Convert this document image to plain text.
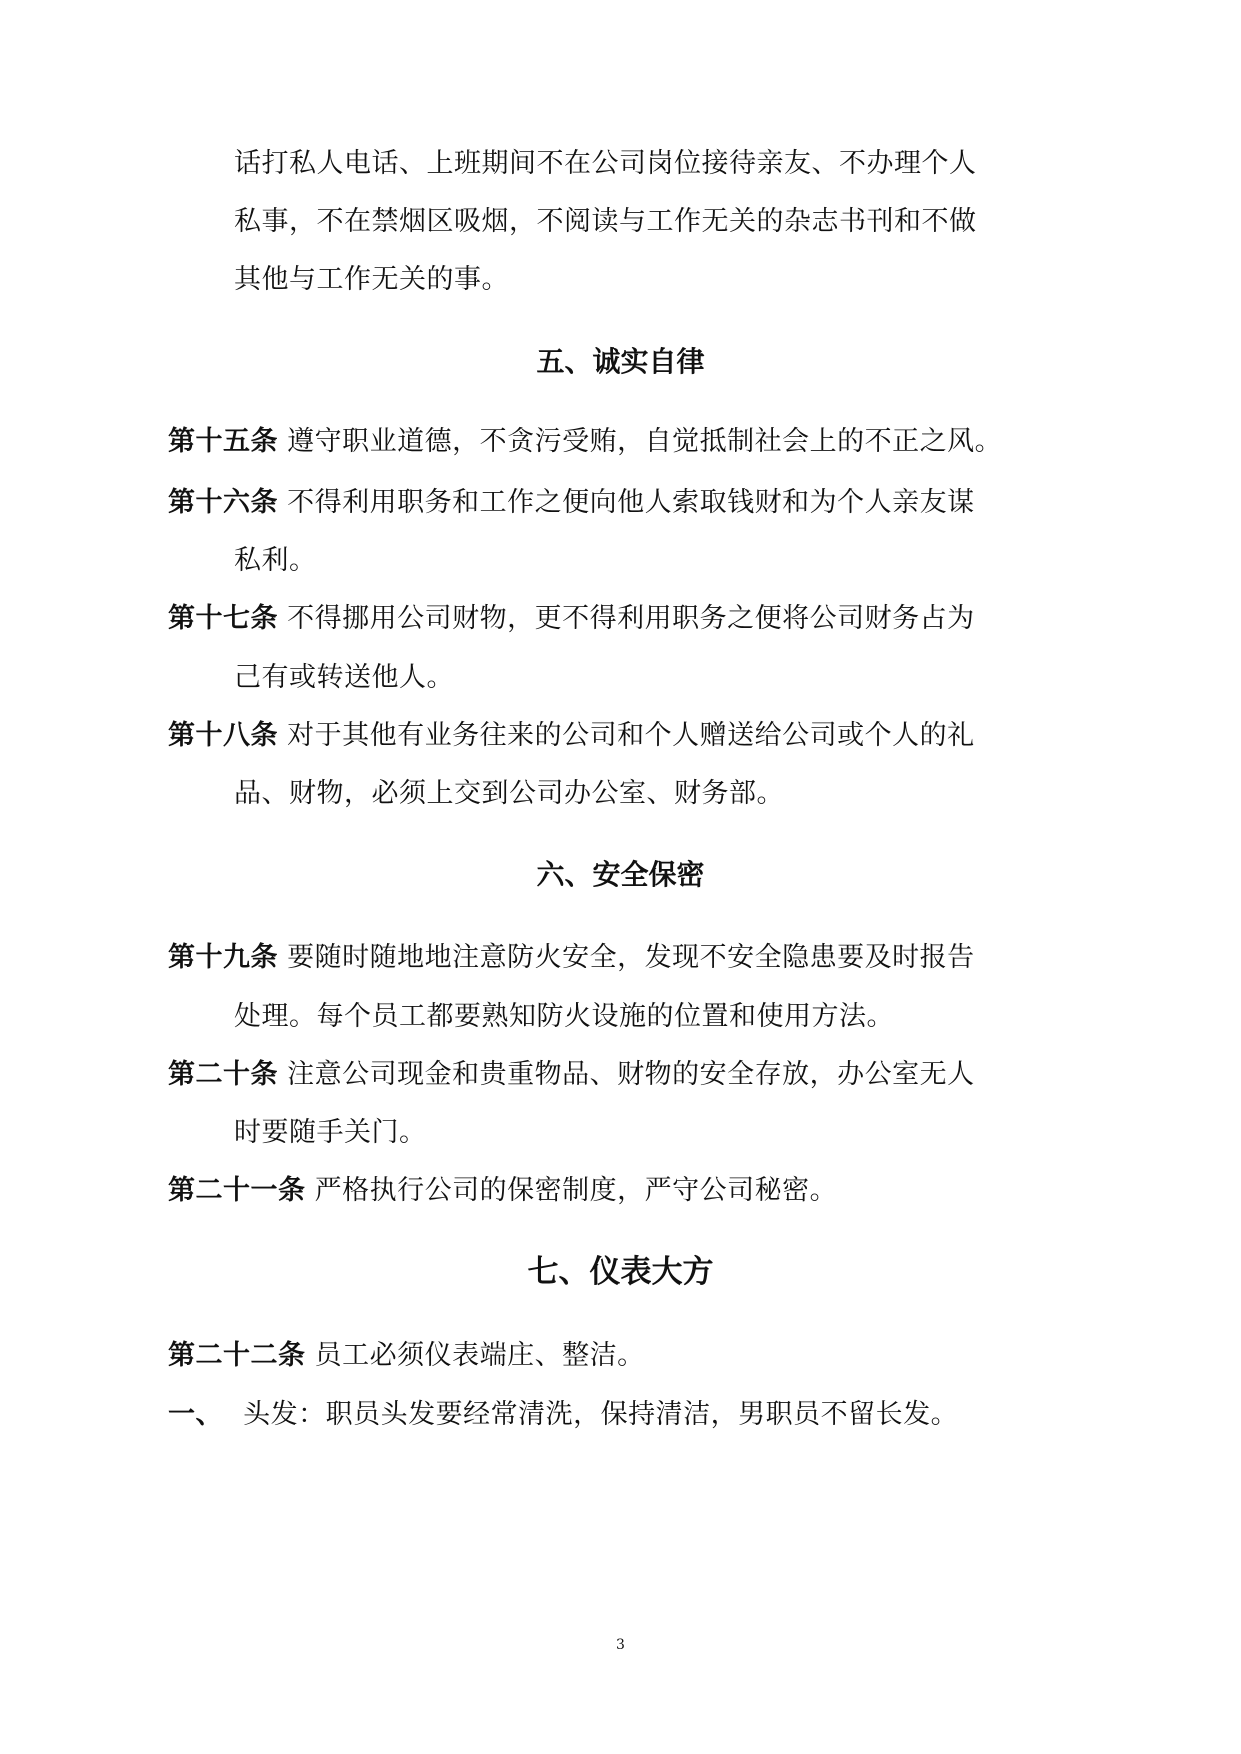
话打私人电话、上班期间不在公司岗位接待亲友、不办理个人
私事，不在禁烟区吸烟，不阅读与工作无关的杂志书刊和不做
其他与工作无关的事。
五、诚实自律
第十五条 遵守职业道德，不贪污受贿，自觉抵制社会上的不正之风。
第十六条 不得利用职务和工作之便向他人索取钱财和为个人亲友谋
私利。
第十七条 不得挪用公司财物，更不得利用职务之便将公司财务占为
己有或转送他人。
第十八条 对于其他有业务往来的公司和个人赠送给公司或个人的礼
品、财物，必须上交到公司办公室、财务部。
六、安全保密
第十九条 要随时随地地注意防火安全，发现不安全隐患要及时报告
处理。每个员工都要熟知防火设施的位置和使用方法。
第二十条 注意公司现金和贵重物品、财物的安全存放，办公室无人
时要随手关门。
第二十一条 严格执行公司的保密制度，严守公司秘密。
七、仪表大方
第二十二条 员工必须仪表端庄、整洁。
一、 头发：职员头发要经常清洗，保持清洁，男职员不留长发。
3
